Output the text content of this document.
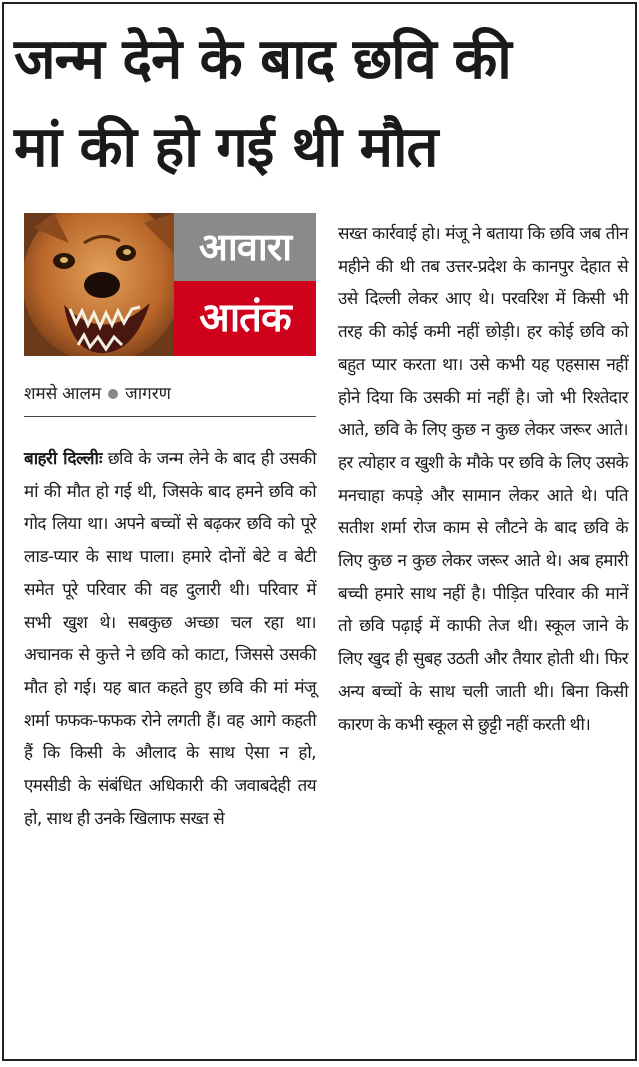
जन्म देने के बाद छवि की
मां की हो गई थी मौत
आवारा
आतंक
शमसे आलम जागरण

बाहरी दिल्लीः छवि के जन्म लेने के बाद ही उसकी मां की मौत हो गई थी, जिसके बाद हमने छवि को गोद लिया था। अपने बच्चों से बढ़कर छवि को पूरे लाड-प्यार के साथ पाला। हमारे दोनों बेटे व बेटी समेत पूरे परिवार की वह दुलारी थी। परिवार में सभी खुश थे। सबकुछ अच्छा चल रहा था। अचानक से कुत्ते ने छवि को काटा, जिससे उसकी मौत हो गई। यह बात कहते हुए छवि की मां मंजू शर्मा फफक-फफक रोने लगती हैं। वह आगे कहती हैं कि किसी के औलाद के साथ ऐसा न हो, एमसीडी के संबंधित अधिकारी की जवाबदेही तय हो, साथ ही उनके खिलाफ सख्त से

सख्त कार्रवाई हो। मंजू ने बताया कि छवि जब तीन महीने की थी तब उत्तर-प्रदेश के कानपुर देहात से उसे दिल्ली लेकर आए थे। परवरिश में किसी भी तरह की कोई कमी नहीं छोड़ी। हर कोई छवि को बहुत प्यार करता था। उसे कभी यह एहसास नहीं होने दिया कि उसकी मां नहीं है। जो भी रिश्तेदार आते, छवि के लिए कुछ न कुछ लेकर जरूर आते। हर त्योहार व खुशी के मौके पर छवि के लिए उसके मनचाहा कपड़े और सामान लेकर आते थे। पति सतीश शर्मा रोज काम से लौटने के बाद छवि के लिए कुछ न कुछ लेकर जरूर आते थे। अब हमारी बच्ची हमारे साथ नहीं है। पीड़ित परिवार की मानें तो छवि पढ़ाई में काफी तेज थी। स्कूल जाने के लिए खुद ही सुबह उठती और तैयार होती थी। फिर अन्य बच्चों के साथ चली जाती थी। बिना किसी कारण के कभी स्कूल से छुट्टी नहीं करती थी।
